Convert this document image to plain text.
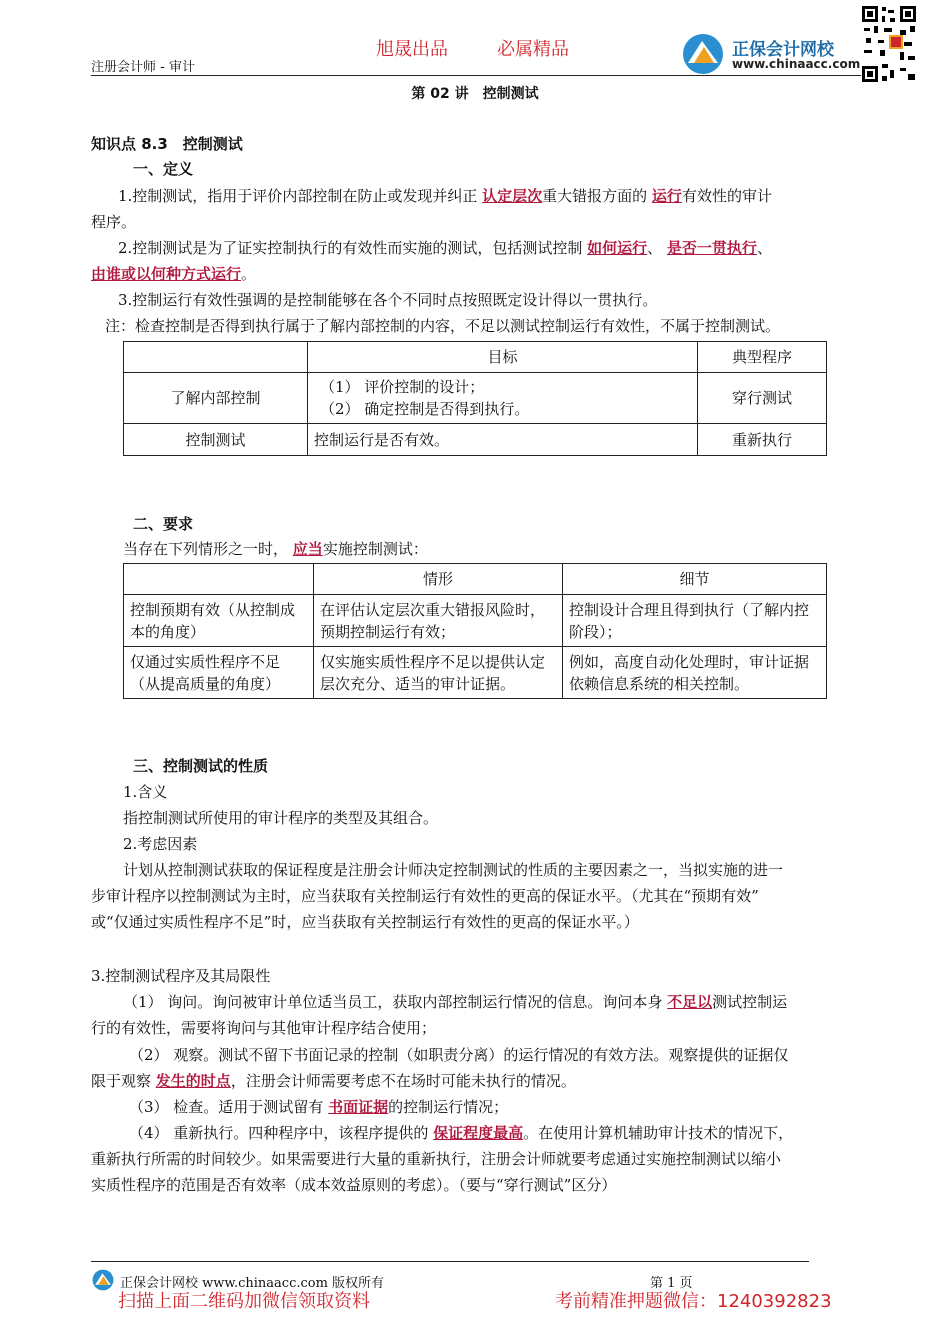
注册会计师 - 审计
旭晟出品	必属精品	正保会计网校
www.chinaacc.com
第 02 讲　控制测试
知识点 8.3　控制测试
一、定义
1.控制测试，指用于评价内部控制在防止或发现并纠正 认定层次重大错报方面的 运行有效性的审计
程序。
2.控制测试是为了证实控制执行的有效性而实施的测试，包括测试控制 如何运行、 是否一贯执行、
由谁或以何种方式运行。
3.控制运行有效性强调的是控制能够在各个不同时点按照既定设计得以一贯执行。
注：检查控制是否得到执行属于了解内部控制的内容，不足以测试控制运行有效性，不属于控制测试。
	目标	典型程序
了解内部控制	（1） 评价控制的设计；
（2） 确定控制是否得到执行。	穿行测试
控制测试	控制运行是否有效。	重新执行
二、要求
当存在下列情形之一时， 应当实施控制测试：
	情形	细节
控制预期有效（从控制成本的角度）	在评估认定层次重大错报风险时，预期控制运行有效；	控制设计合理且得到执行（了解内控阶段）；
仅通过实质性程序不足（从提高质量的角度）	仅实施实质性程序不足以提供认定层次充分、适当的审计证据。	例如，高度自动化处理时，审计证据依赖信息系统的相关控制。
三、控制测试的性质
1.含义
指控制测试所使用的审计程序的类型及其组合。
2.考虑因素
计划从控制测试获取的保证程度是注册会计师决定控制测试的性质的主要因素之一，当拟实施的进一
步审计程序以控制测试为主时，应当获取有关控制运行有效性的更高的保证水平。（尤其在“预期有效”
或“仅通过实质性程序不足”时，应当获取有关控制运行有效性的更高的保证水平。）
3.控制测试程序及其局限性
（1） 询问。询问被审计单位适当员工，获取内部控制运行情况的信息。询问本身 不足以测试控制运
行的有效性，需要将询问与其他审计程序结合使用；
（2） 观察。测试不留下书面记录的控制（如职责分离）的运行情况的有效方法。观察提供的证据仅
限于观察 发生的时点，注册会计师需要考虑不在场时可能未执行的情况。
（3） 检查。适用于测试留有 书面证据的控制运行情况；
（4） 重新执行。四种程序中，该程序提供的 保证程度最高。在使用计算机辅助审计技术的情况下，
重新执行所需的时间较少。如果需要进行大量的重新执行，注册会计师就要考虑通过实施控制测试以缩小
实质性程序的范围是否有效率（成本效益原则的考虑）。（要与“穿行测试”区分）
正保会计网校 www.chinaacc.com 版权所有	第 1 页
扫描上面二维码加微信领取资料	考前精准押题微信：1240392823
